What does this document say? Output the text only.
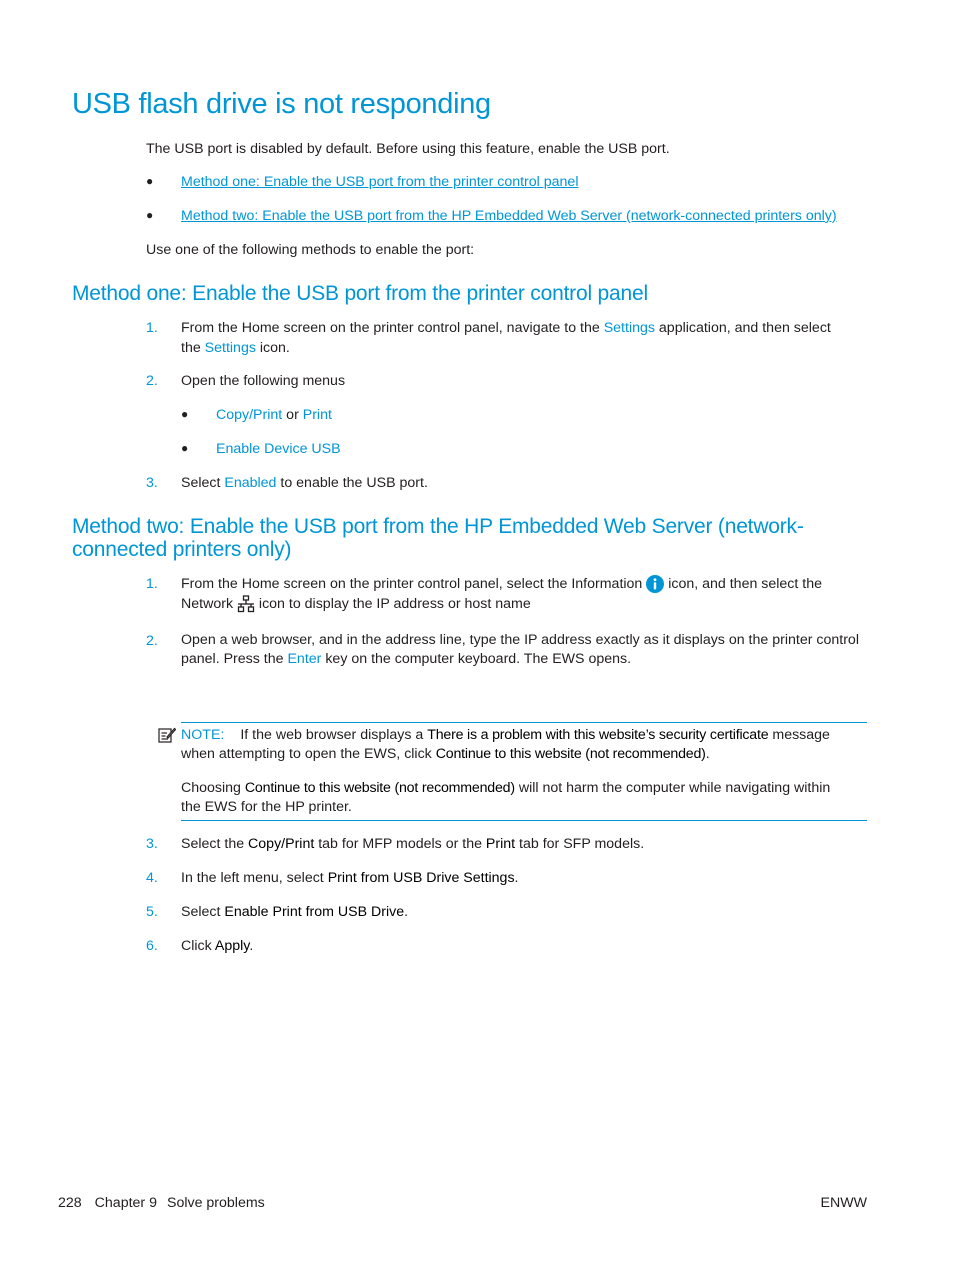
USB flash drive is not responding
The USB port is disabled by default. Before using this feature, enable the USB port.
● Method one: Enable the USB port from the printer control panel
● Method two: Enable the USB port from the HP Embedded Web Server (network-connected printers only)
Use one of the following methods to enable the port:
Method one: Enable the USB port from the printer control panel
1. From the Home screen on the printer control panel, navigate to the Settings application, and then select
the Settings icon.
2. Open the following menus
● Copy/Print or Print
● Enable Device USB
3. Select Enabled to enable the USB port.
Method two: Enable the USB port from the HP Embedded Web Server (network-
connected printers only)
1. From the Home screen on the printer control panel, select the Information  icon, and then select the
Network  icon to display the IP address or host name
2. Open a web browser, and in the address line, type the IP address exactly as it displays on the printer control
panel. Press the Enter key on the computer keyboard. The EWS opens.
NOTE: If the web browser displays a There is a problem with this website’s security certificate message
when attempting to open the EWS, click Continue to this website (not recommended).
Choosing Continue to this website (not recommended) will not harm the computer while navigating within
the EWS for the HP printer.
3. Select the Copy/Print tab for MFP models or the Print tab for SFP models.
4. In the left menu, select Print from USB Drive Settings.
5. Select Enable Print from USB Drive.
6. Click Apply.
228 Chapter 9 Solve problems	ENWW
